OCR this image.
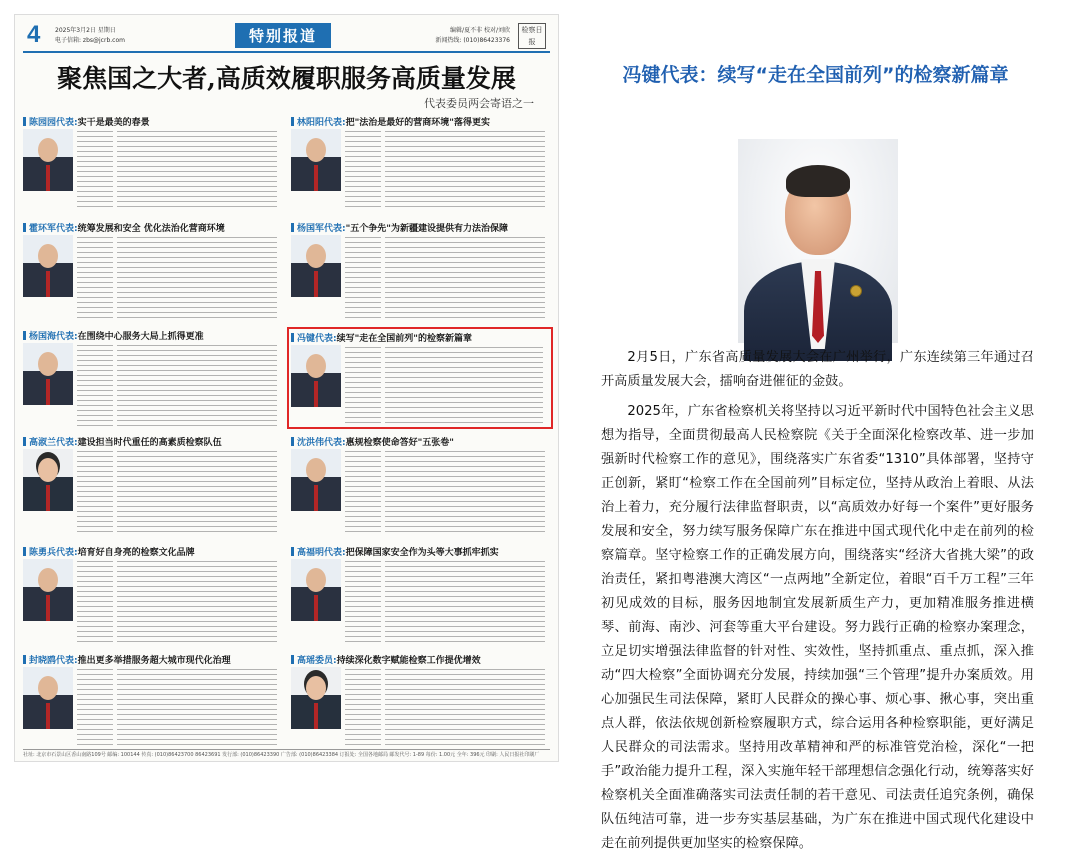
4 2025年3月2日 星期日
电子信箱: zbs@jcrb.com	特别报道	编辑/夏不非 校对/刘欣
新闻热线: (010)86423376
检察日报
聚焦国之大者,高质效履职服务高质量发展
代表委员两会寄语之一
陈园园代表:实干是最美的春景	林阳阳代表:把"法治是最好的营商环境"落得更实
霍环军代表:统筹发展和安全 优化法治化营商环境	杨国军代表:"五个争先"为新疆建设提供有力法治保障
杨国海代表:在围绕中心服务大局上抓得更准	冯键代表:续写"走在全国前列"的检察新篇章
高淑兰代表:建设担当时代重任的高素质检察队伍	沈洪伟代表:惠规检察使命答好"五张卷"
陈勇兵代表:培育好自身亮的检察文化品牌	高福明代表:把保障国家安全作为头等大事抓牢抓实
封晓鸥代表:推出更多举措服务超大城市现代化治理	高瑶委员:持续深化数字赋能检察工作提优增效
社址: 北京市石景山区香山南路109号 邮编: 100144 传真: (010)86423700 86423691 发行部: (010)86423390 广告部: (010)86423384 订报处: 全国各地邮局 邮发代号: 1-89 每份: 1.00元 全年: 396元 印刷: 人民日报社印刷厂
冯键代表：续写“走在全国前列”的检察新篇章

2月5日，广东省高质量发展大会在广州举行，广东连续第三年通过召开高质量发展大会，擂响奋进催征的金鼓。

2025年，广东省检察机关将坚持以习近平新时代中国特色社会主义思想为指导，全面贯彻最高人民检察院《关于全面深化检察改革、进一步加强新时代检察工作的意见》，围绕落实广东省委“1310”具体部署，坚持守正创新，紧盯“检察工作在全国前列”目标定位，坚持从政治上着眼、从法治上着力，充分履行法律监督职责，以“高质效办好每一个案件”更好服务发展和安全，努力续写服务保障广东在推进中国式现代化中走在前列的检察篇章。坚守检察工作的正确发展方向，围绕落实“经济大省挑大梁”的政治责任，紧扣粤港澳大湾区“一点两地”全新定位，着眼“百千万工程”三年初见成效的目标，服务因地制宜发展新质生产力，更加精准服务推进横琴、前海、南沙、河套等重大平台建设。努力践行正确的检察办案理念，立足切实增强法律监督的针对性、实效性，坚持抓重点、重点抓，深入推动“四大检察”全面协调充分发展，持续加强“三个管理”提升办案质效。用心加强民生司法保障，紧盯人民群众的操心事、烦心事、揪心事，突出重点人群，依法依规创新检察履职方式，综合运用各种检察职能，更好满足人民群众的司法需求。坚持用改革精神和严的标准管党治检，深化“一把手”政治能力提升工程，深入实施年轻干部理想信念强化行动，统筹落实好检察机关全面准确落实司法责任制的若干意见、司法责任追究条例，确保队伍纯洁可靠，进一步夯实基层基础，为广东在推进中国式现代化建设中走在前列提供更加坚实的检察保障。
